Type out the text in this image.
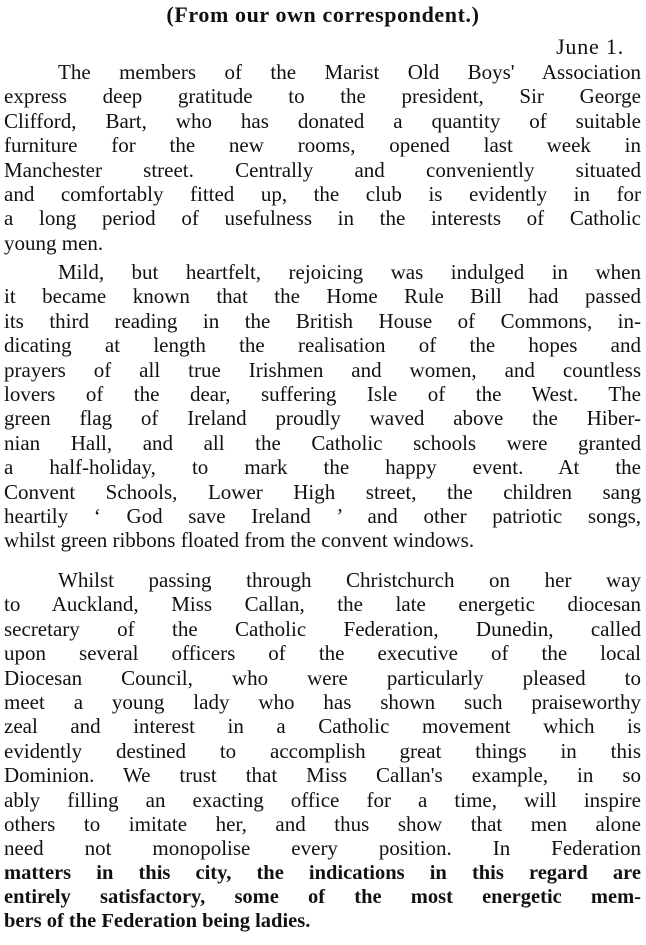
(From our own correspondent.)
June 1.
The members of the Marist Old Boys' Association
express deep gratitude to the president, Sir George
Clifford, Bart, who has donated a quantity of suitable
furniture for the new rooms, opened last week in
Manchester street. Centrally and conveniently situated
and comfortably fitted up, the club is evidently in for
a long period of usefulness in the interests of Catholic
young men.
Mild, but heartfelt, rejoicing was indulged in when
it became known that the Home Rule Bill had passed
its third reading in the British House of Commons, in-
dicating at length the realisation of the hopes and
prayers of all true Irishmen and women, and countless
lovers of the dear, suffering Isle of the West. The
green flag of Ireland proudly waved above the Hiber-
nian Hall, and all the Catholic schools were granted
a half-holiday, to mark the happy event. At the
Convent Schools, Lower High street, the children sang
heartily ‘ God save Ireland ’ and other patriotic songs,
whilst green ribbons floated from the convent windows.
Whilst passing through Christchurch on her way
to Auckland, Miss Callan, the late energetic diocesan
secretary of the Catholic Federation, Dunedin, called
upon several officers of the executive of the local
Diocesan Council, who were particularly pleased to
meet a young lady who has shown such praiseworthy
zeal and interest in a Catholic movement which is
evidently destined to accomplish great things in this
Dominion. We trust that Miss Callan's example, in so
ably filling an exacting office for a time, will inspire
others to imitate her, and thus show that men alone
need not monopolise every position. In Federation
matters in this city, the indications in this regard are
entirely satisfactory, some of the most energetic mem-
bers of the Federation being ladies.
